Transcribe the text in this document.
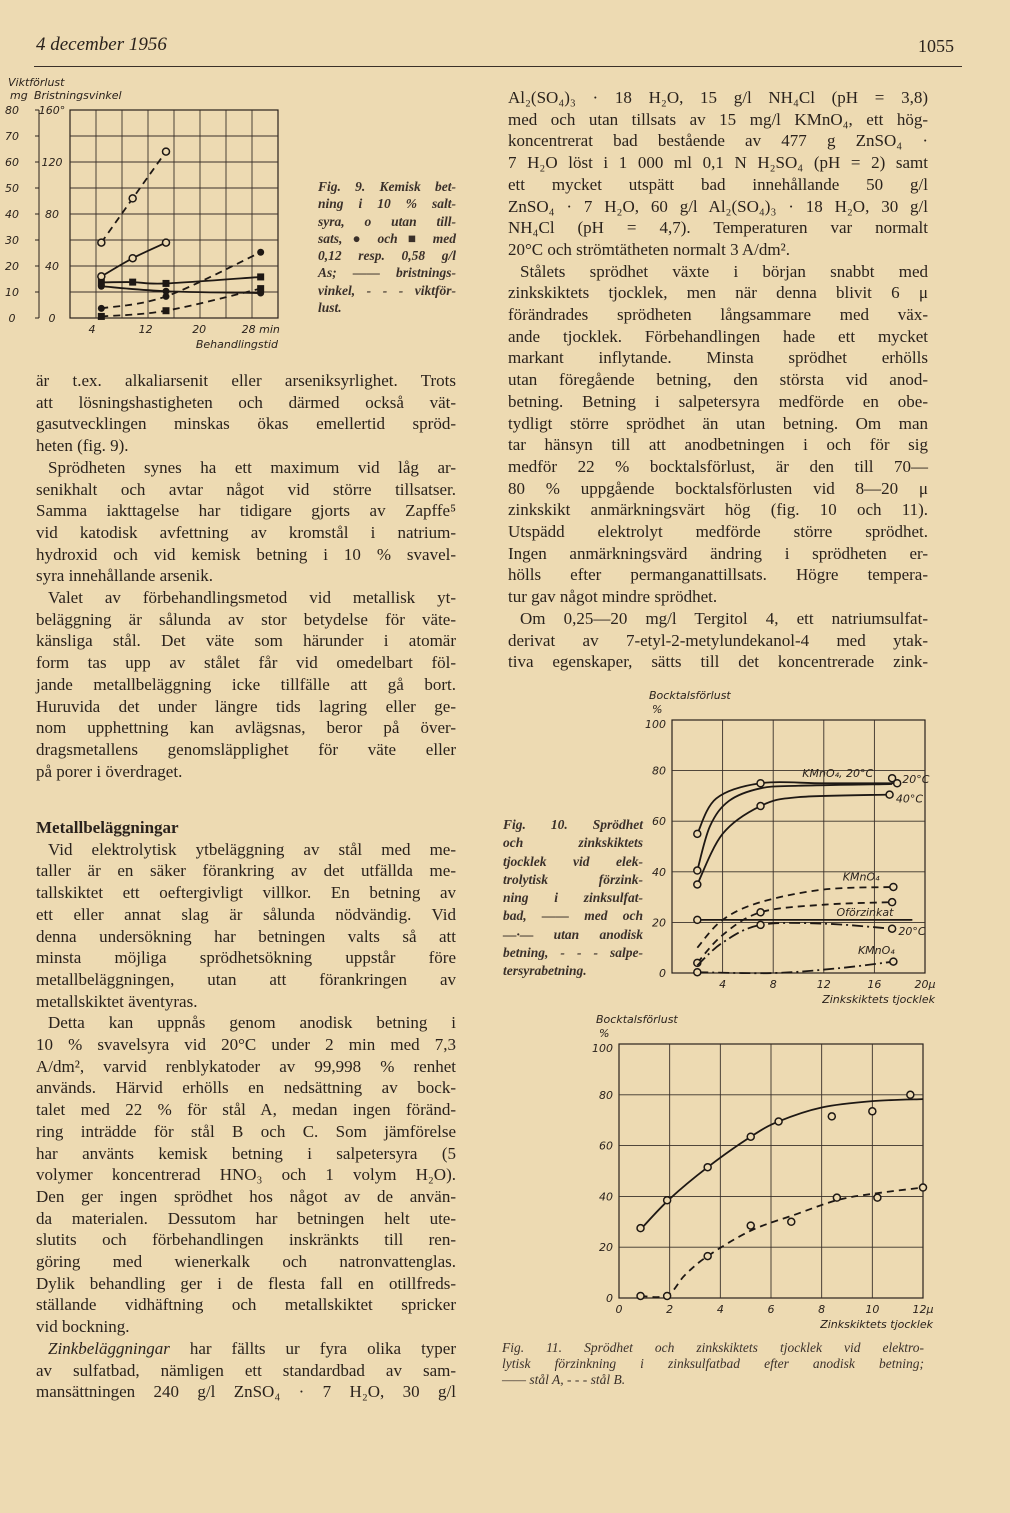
4 december 1956	1055
är t.ex. alkaliarsenit eller arseniksyrlighet. Trots
att lösningshastigheten och därmed också vät-
gasutvecklingen minskas ökas emellertid spröd-
heten (fig. 9).
Sprödheten synes ha ett maximum vid låg ar-
senikhalt och avtar något vid större tillsatser.
Samma iakttagelse har tidigare gjorts av Zapffe⁵
vid katodisk avfettning av kromstål i natrium-
hydroxid och vid kemisk betning i 10 % svavel-
syra innehållande arsenik.
Valet av förbehandlingsmetod vid metallisk yt-
beläggning är sålunda av stor betydelse för väte-
känsliga stål. Det väte som härunder i atomär
form tas upp av stålet får vid omedelbart föl-
jande metallbeläggning icke tillfälle att gå bort.
Huruvida det under längre tids lagring eller ge-
nom upphettning kan avlägsnas, beror på över-
dragsmetallens genomsläpplighet för väte eller
på porer i överdraget.
Metallbeläggningar
Vid elektrolytisk ytbeläggning av stål med me-
taller är en säker förankring av det utfällda me-
tallskiktet ett oeftergivligt villkor. En betning av
ett eller annat slag är sålunda nödvändig. Vid
denna undersökning har betningen valts så att
minsta möjliga sprödhetsökning uppstår före
metallbeläggningen, utan att förankringen av
metallskiktet äventyras.
Detta kan uppnås genom anodisk betning i
10 % svavelsyra vid 20°C under 2 min med 7,3
A/dm², varvid renblykatoder av 99,998 % renhet
används. Härvid erhölls en nedsättning av bock-
talet med 22 % för stål A, medan ingen föränd-
ring inträdde för stål B och C. Som jämförelse
har använts kemisk betning i salpetersyra (5
volymer koncentrerad HNO₃ och 1 volym H₂O).
Den ger ingen sprödhet hos något av de använ-
da materialen. Dessutom har betningen helt ute-
slutits och förbehandlingen inskränkts till ren-
göring med wienerkalk och natronvattenglas.
Dylik behandling ger i de flesta fall en otillfreds-
ställande vidhäftning och metallskiktet spricker
vid bockning.
Zinkbeläggningar har fällts ur fyra olika typer
av sulfatbad, nämligen ett standardbad av sam-
mansättningen 240 g/l ZnSO₄ · 7 H₂O, 30 g/l
Al₂(SO₄)₃ · 18 H₂O, 15 g/l NH₄Cl (pH = 3,8)
med och utan tillsats av 15 mg/l KMnO₄, ett hög-
koncentrerat bad bestående av 477 g ZnSO₄ ·
7 H₂O löst i 1 000 ml 0,1 N H₂SO₄ (pH = 2) samt
ett mycket utspätt bad innehållande 50 g/l
ZnSO₄ · 7 H₂O, 60 g/l Al₂(SO₄)₃ · 18 H₂O, 30 g/l
NH₄Cl (pH = 4,7). Temperaturen var normalt
20°C och strömtätheten normalt 3 A/dm².
Stålets sprödhet växte i början snabbt med
zinkskiktets tjocklek, men när denna blivit 6 μ
förändrades sprödheten långsammare med väx-
ande tjocklek. Förbehandlingen hade ett mycket
markant inflytande. Minsta sprödhet erhölls
utan föregående betning, den största vid anod-
betning. Betning i salpetersyra medförde en obe-
tydligt större sprödhet än utan betning. Om man
tar hänsyn till att anodbetningen i och för sig
medför 22 % bocktalsförlust, är den till 70—
80 % uppgående bocktalsförlusten vid 8—20 μ
zinkskikt anmärkningsvärt hög (fig. 10 och 11).
Utspädd elektrolyt medförde större sprödhet.
Ingen anmärkningsvärd ändring i sprödheten er-
hölls efter permanganattillsats. Högre tempera-
tur gav något mindre sprödhet.
Om 0,25—20 mg/l Tergitol 4, ett natriumsulfat-
derivat av 7-etyl-2-metylundekanol-4 med ytak-
tiva egenskaper, sätts till det koncentrerade zink-
Fig. 9. Kemisk bet-
ning i 10 % salt-
syra, o utan till-
sats, ● och ■ med
0,12 resp. 0,58 g/l
As; —— bristnings-
vinkel, - - - viktför-
lust.
Fig. 10. Sprödhet
och zinkskiktets
tjocklek vid elek-
trolytisk förzink-
ning i zinksulfat-
bad, —— med och
—·— utan anodisk
betning, - - - salpe-
tersyrabetning.
Fig. 11. Sprödhet och zinkskiktets tjocklek vid elektro-
lytisk förzinkning i zinksulfatbad efter anodisk betning;
—— stål A, - - - stål B.
0
10
20
30
40
50
60
70
80
0
40
80
120
160°
Viktförlust
mg Bristningsvinkel
4	12	20	28 min
Behandlingstid
0
20
40
60
80
100
4	8	12	16	20μ
Zinkskiktets tjocklek
Bocktalsförlust
%
KMnO₄, 20°C	20°C
40°C
KMnO₄
Oförzinkat
20°C
KMnO₄
0
20
40
60
80
100
0	2	4	6	8	10	12μ
Zinkskiktets tjocklek
Bocktalsförlust
%
